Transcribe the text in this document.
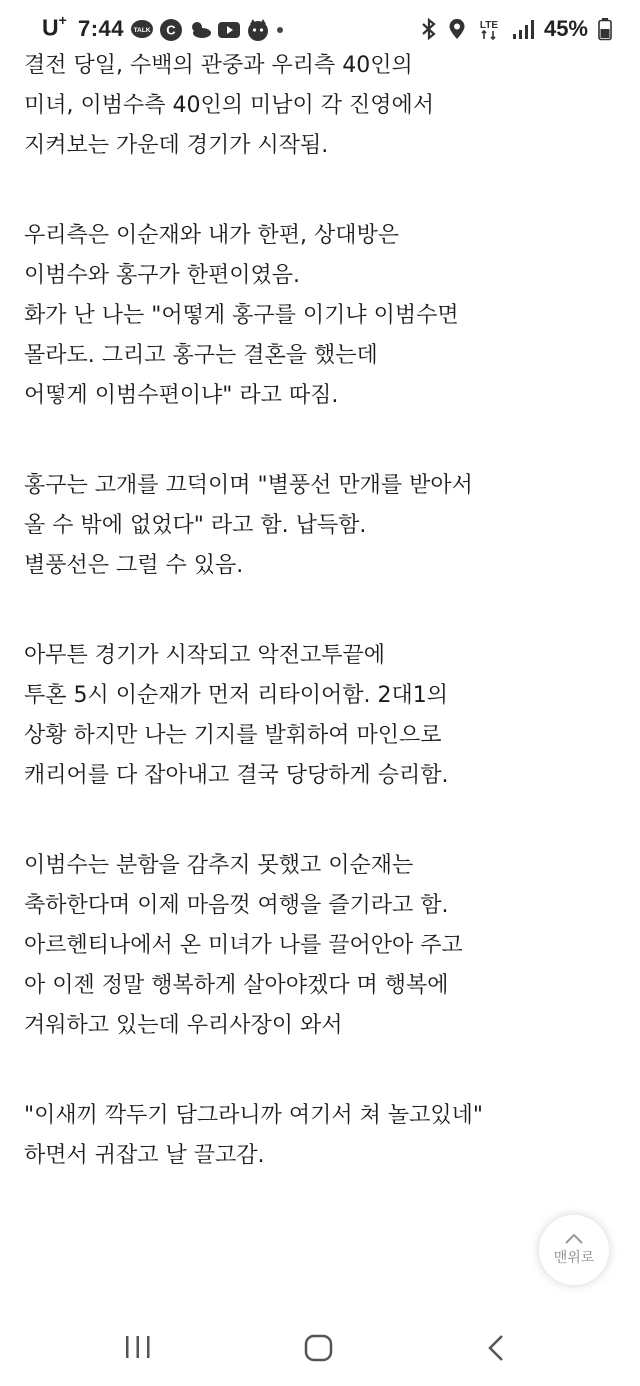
U+ 7:44 TALK C	LTE 45%
결전 당일, 수백의 관중과 우리측 40인의
미녀, 이범수측 40인의 미남이 각 진영에서
지켜보는 가운데 경기가 시작됨.
우리측은 이순재와 내가 한편, 상대방은
이범수와 홍구가 한편이였음.
화가 난 나는 "어떻게 홍구를 이기냐 이범수면
몰라도. 그리고 홍구는 결혼을 했는데
어떻게 이범수편이냐" 라고 따짐.
홍구는 고개를 끄덕이며 "별풍선 만개를 받아서
올 수 밖에 없었다" 라고 함. 납득함.
별풍선은 그럴 수 있음.
아무튼 경기가 시작되고 악전고투끝에
투혼 5시 이순재가 먼저 리타이어함. 2대1의
상황 하지만 나는 기지를 발휘하여 마인으로
캐리어를 다 잡아내고 결국 당당하게 승리함.
이범수는 분함을 감추지 못했고 이순재는
축하한다며 이제 마음껏 여행을 즐기라고 함.
아르헨티나에서 온 미녀가 나를 끌어안아 주고
아 이젠 정말 행복하게 살아야겠다 며 행복에
겨워하고 있는데 우리사장이 와서
"이새끼 깍두기 담그라니까 여기서 쳐 놀고있네"
하면서 귀잡고 날 끌고감.
맨위로
